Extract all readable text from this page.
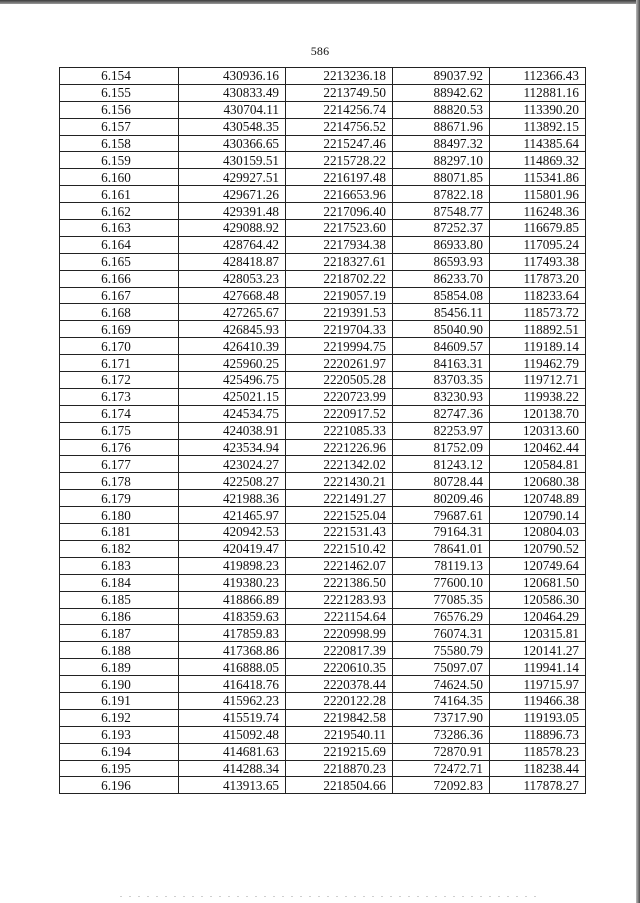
586
6.154	430936.16	2213236.18	89037.92	112366.43
6.155	430833.49	2213749.50	88942.62	112881.16
6.156	430704.11	2214256.74	88820.53	113390.20
6.157	430548.35	2214756.52	88671.96	113892.15
6.158	430366.65	2215247.46	88497.32	114385.64
6.159	430159.51	2215728.22	88297.10	114869.32
6.160	429927.51	2216197.48	88071.85	115341.86
6.161	429671.26	2216653.96	87822.18	115801.96
6.162	429391.48	2217096.40	87548.77	116248.36
6.163	429088.92	2217523.60	87252.37	116679.85
6.164	428764.42	2217934.38	86933.80	117095.24
6.165	428418.87	2218327.61	86593.93	117493.38
6.166	428053.23	2218702.22	86233.70	117873.20
6.167	427668.48	2219057.19	85854.08	118233.64
6.168	427265.67	2219391.53	85456.11	118573.72
6.169	426845.93	2219704.33	85040.90	118892.51
6.170	426410.39	2219994.75	84609.57	119189.14
6.171	425960.25	2220261.97	84163.31	119462.79
6.172	425496.75	2220505.28	83703.35	119712.71
6.173	425021.15	2220723.99	83230.93	119938.22
6.174	424534.75	2220917.52	82747.36	120138.70
6.175	424038.91	2221085.33	82253.97	120313.60
6.176	423534.94	2221226.96	81752.09	120462.44
6.177	423024.27	2221342.02	81243.12	120584.81
6.178	422508.27	2221430.21	80728.44	120680.38
6.179	421988.36	2221491.27	80209.46	120748.89
6.180	421465.97	2221525.04	79687.61	120790.14
6.181	420942.53	2221531.43	79164.31	120804.03
6.182	420419.47	2221510.42	78641.01	120790.52
6.183	419898.23	2221462.07	78119.13	120749.64
6.184	419380.23	2221386.50	77600.10	120681.50
6.185	418866.89	2221283.93	77085.35	120586.30
6.186	418359.63	2221154.64	76576.29	120464.29
6.187	417859.83	2220998.99	76074.31	120315.81
6.188	417368.86	2220817.39	75580.79	120141.27
6.189	416888.05	2220610.35	75097.07	119941.14
6.190	416418.76	2220378.44	74624.50	119715.97
6.191	415962.23	2220122.28	74164.35	119466.38
6.192	415519.74	2219842.58	73717.90	119193.05
6.193	415092.48	2219540.11	73286.36	118896.73
6.194	414681.63	2219215.69	72870.91	118578.23
6.195	414288.34	2218870.23	72472.71	118238.44
6.196	413913.65	2218504.66	72092.83	117878.27
